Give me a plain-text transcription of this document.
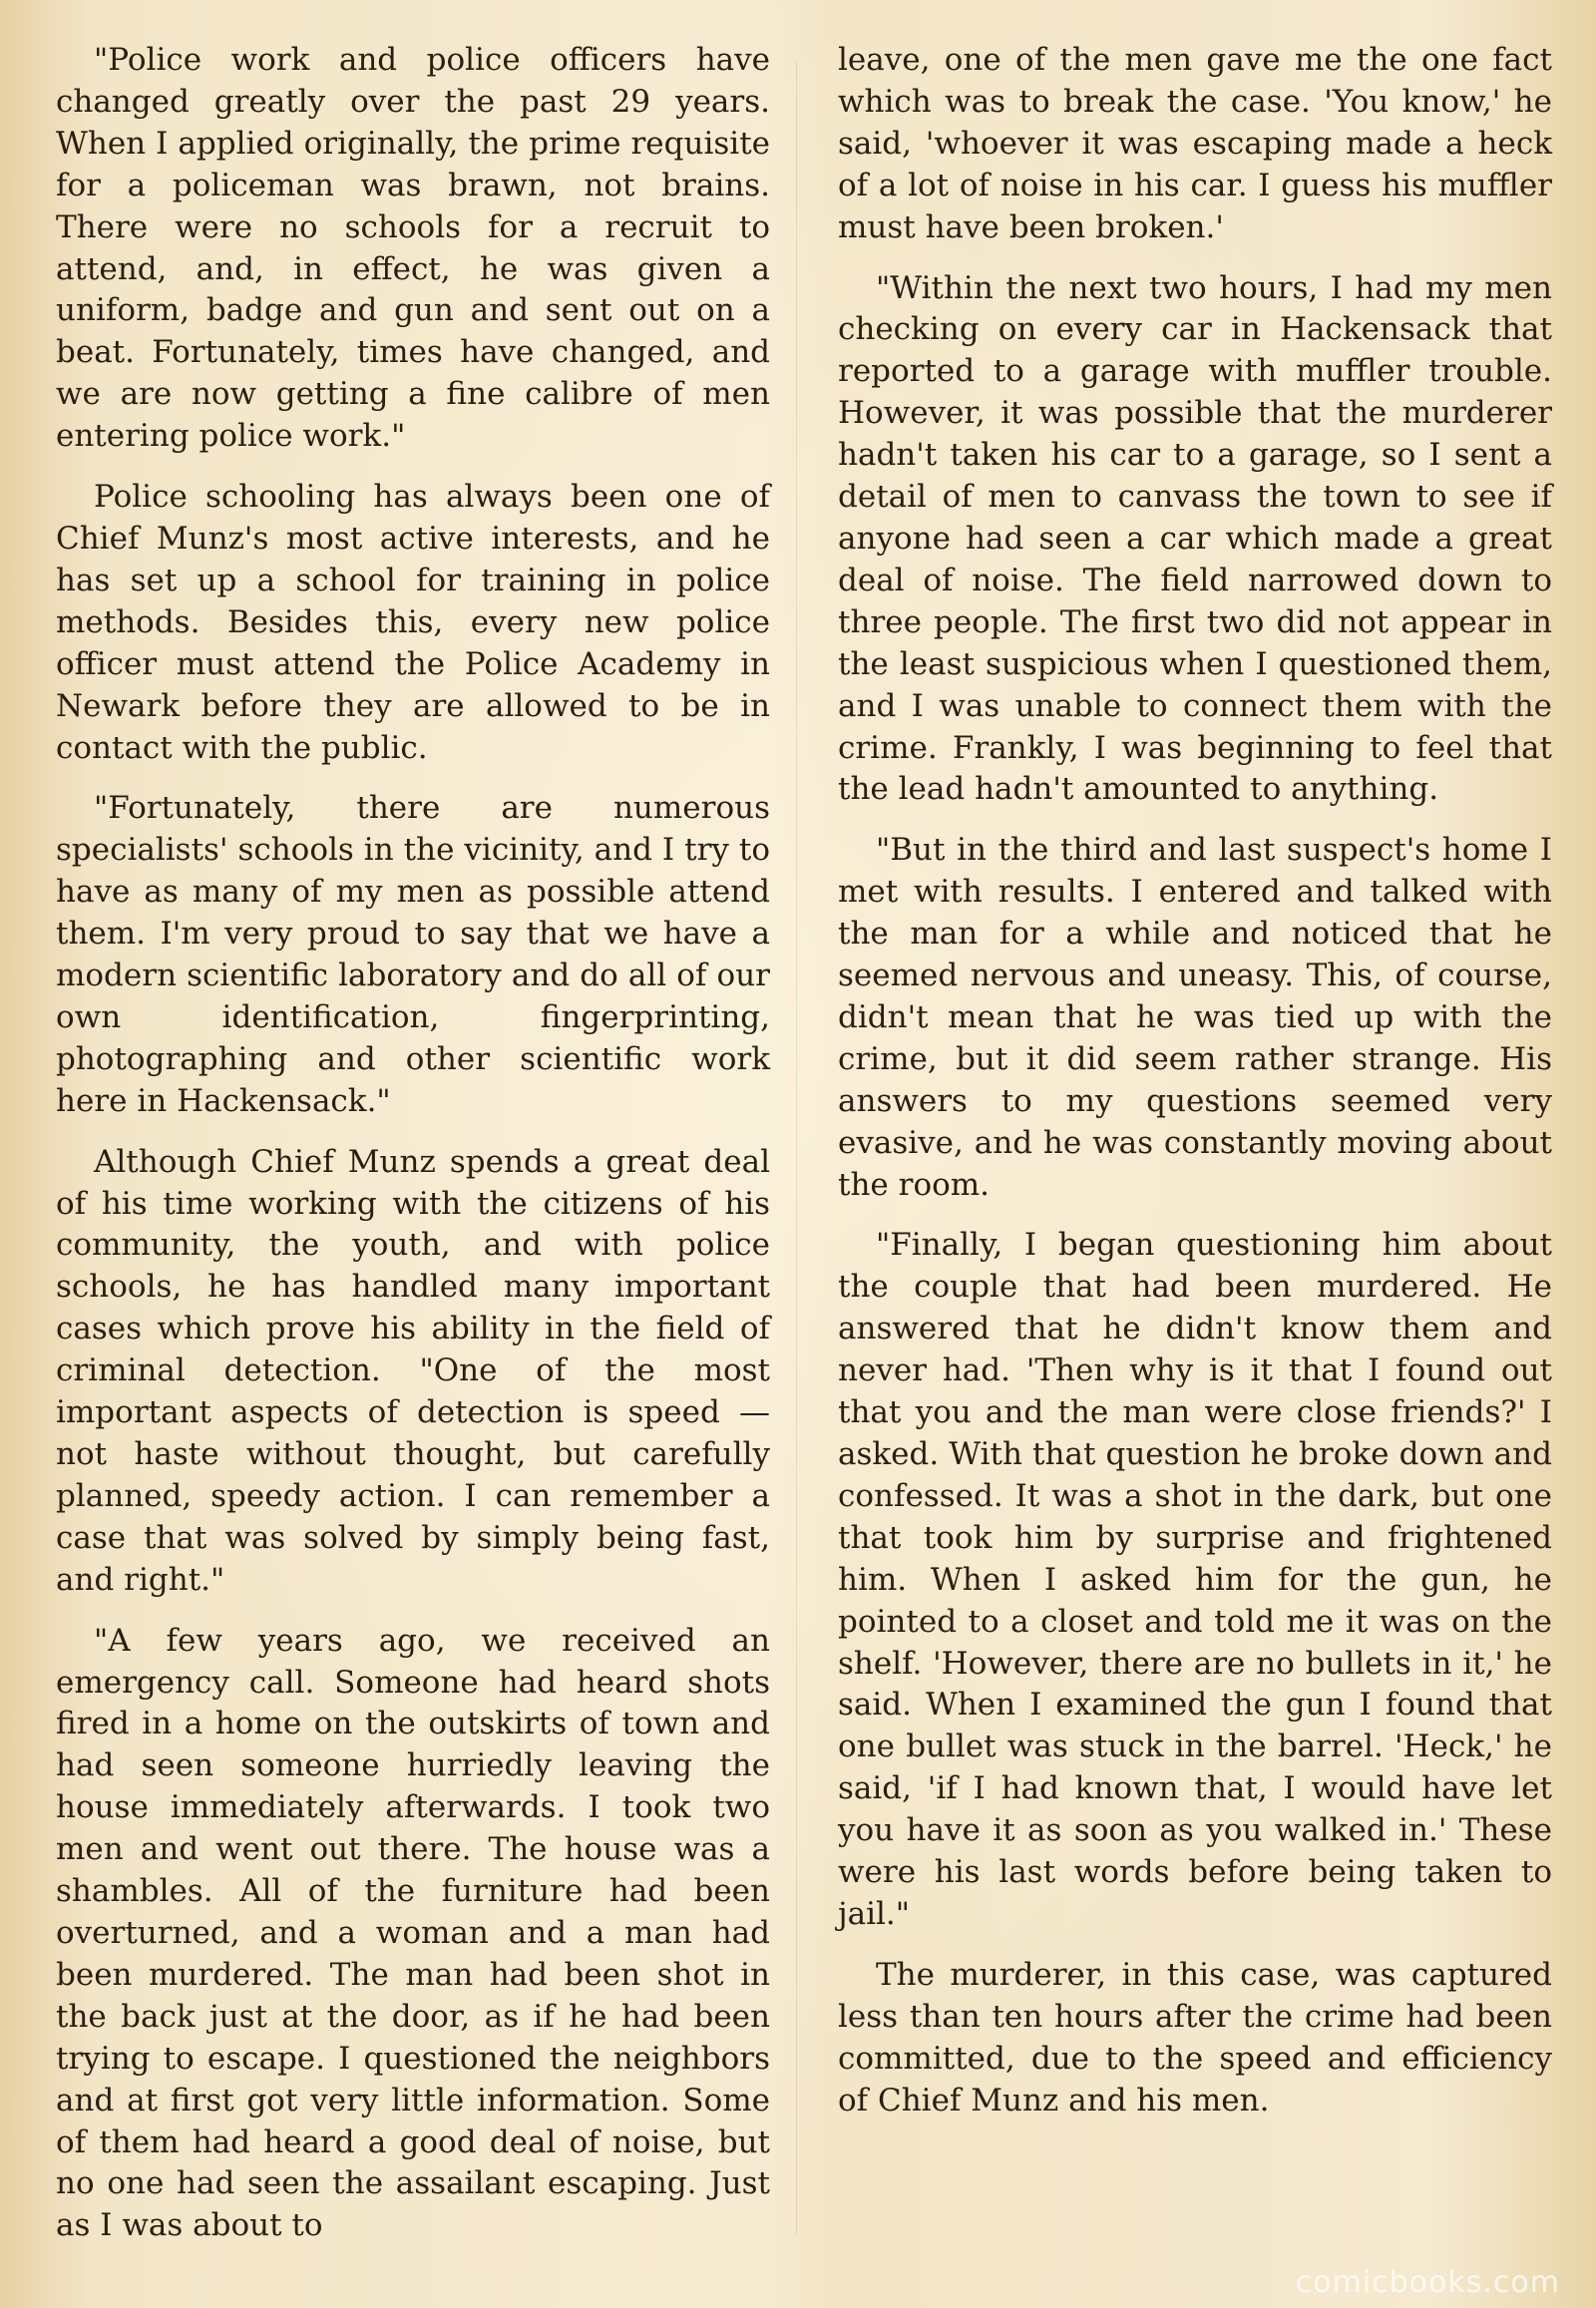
"Police work and police officers have changed greatly over the past 29 years. When I applied originally, the prime requisite for a policeman was brawn, not brains. There were no schools for a recruit to attend, and, in effect, he was given a uniform, badge and gun and sent out on a beat. Fortunately, times have changed, and we are now getting a fine calibre of men entering police work."

Police schooling has always been one of Chief Munz's most active interests, and he has set up a school for training in police methods. Besides this, every new police officer must attend the Police Academy in Newark before they are allowed to be in contact with the public.

"Fortunately, there are numerous specialists' schools in the vicinity, and I try to have as many of my men as possible attend them. I'm very proud to say that we have a modern scientific laboratory and do all of our own identification, fingerprinting, photographing and other scientific work here in Hackensack."

Although Chief Munz spends a great deal of his time working with the citizens of his community, the youth, and with police schools, he has handled many important cases which prove his ability in the field of criminal detection. "One of the most important aspects of detection is speed — not haste without thought, but carefully planned, speedy action. I can remember a case that was solved by simply being fast, and right."

"A few years ago, we received an emergency call. Someone had heard shots fired in a home on the outskirts of town and had seen someone hurriedly leaving the house immediately afterwards. I took two men and went out there. The house was a shambles. All of the furniture had been overturned, and a woman and a man had been murdered. The man had been shot in the back just at the door, as if he had been trying to escape. I questioned the neighbors and at first got very little information. Some of them had heard a good deal of noise, but no one had seen the assailant escaping. Just as I was about to

leave, one of the men gave me the one fact which was to break the case. 'You know,' he said, 'whoever it was escaping made a heck of a lot of noise in his car. I guess his muffler must have been broken.'

"Within the next two hours, I had my men checking on every car in Hackensack that reported to a garage with muffler trouble. However, it was possible that the murderer hadn't taken his car to a garage, so I sent a detail of men to canvass the town to see if anyone had seen a car which made a great deal of noise. The field narrowed down to three people. The first two did not appear in the least suspicious when I questioned them, and I was unable to connect them with the crime. Frankly, I was beginning to feel that the lead hadn't amounted to anything.

"But in the third and last suspect's home I met with results. I entered and talked with the man for a while and noticed that he seemed nervous and uneasy. This, of course, didn't mean that he was tied up with the crime, but it did seem rather strange. His answers to my questions seemed very evasive, and he was constantly moving about the room.

"Finally, I began questioning him about the couple that had been murdered. He answered that he didn't know them and never had. 'Then why is it that I found out that you and the man were close friends?' I asked. With that question he broke down and confessed. It was a shot in the dark, but one that took him by surprise and frightened him. When I asked him for the gun, he pointed to a closet and told me it was on the shelf. 'However, there are no bullets in it,' he said. When I examined the gun I found that one bullet was stuck in the barrel. 'Heck,' he said, 'if I had known that, I would have let you have it as soon as you walked in.' These were his last words before being taken to jail."

The murderer, in this case, was captured less than ten hours after the crime had been committed, due to the speed and efficiency of Chief Munz and his men.

comicbooks.com
